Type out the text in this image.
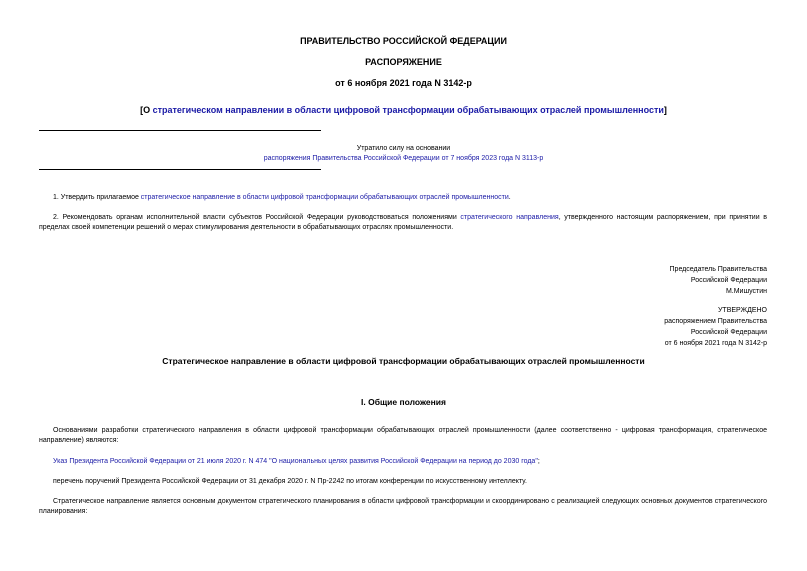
ПРАВИТЕЛЬСТВО РОССИЙСКОЙ ФЕДЕРАЦИИ
РАСПОРЯЖЕНИЕ
от 6 ноября 2021 года N 3142-р
[О стратегическом направлении в области цифровой трансформации обрабатывающих отраслей промышленности]
Утратило силу на основании
распоряжения Правительства Российской Федерации от 7 ноября 2023 года N 3113-р
1. Утвердить прилагаемое стратегическое направление в области цифровой трансформации обрабатывающих отраслей промышленности.
2. Рекомендовать органам исполнительной власти субъектов Российской Федерации руководствоваться положениями стратегического направления, утвержденного настоящим распоряжением, при принятии в пределах своей компетенции решений о мерах стимулирования деятельности в обрабатывающих отраслях промышленности.
Председатель Правительства
Российской Федерации
М.Мишустин
УТВЕРЖДЕНО
распоряжением Правительства
Российской Федерации
от 6 ноября 2021 года N 3142-р
Стратегическое направление в области цифровой трансформации обрабатывающих отраслей промышленности
I. Общие положения
Основаниями разработки стратегического направления в области цифровой трансформации обрабатывающих отраслей промышленности (далее соответственно - цифровая трансформация, стратегическое направление) являются:
Указ Президента Российской Федерации от 21 июля 2020 г. N 474 "О национальных целях развития Российской Федерации на период до 2030 года";
перечень поручений Президента Российской Федерации от 31 декабря 2020 г. N Пр-2242 по итогам конференции по искусственному интеллекту.
Стратегическое направление является основным документом стратегического планирования в области цифровой трансформации и скоординировано с реализацией следующих основных документов стратегического планирования:
